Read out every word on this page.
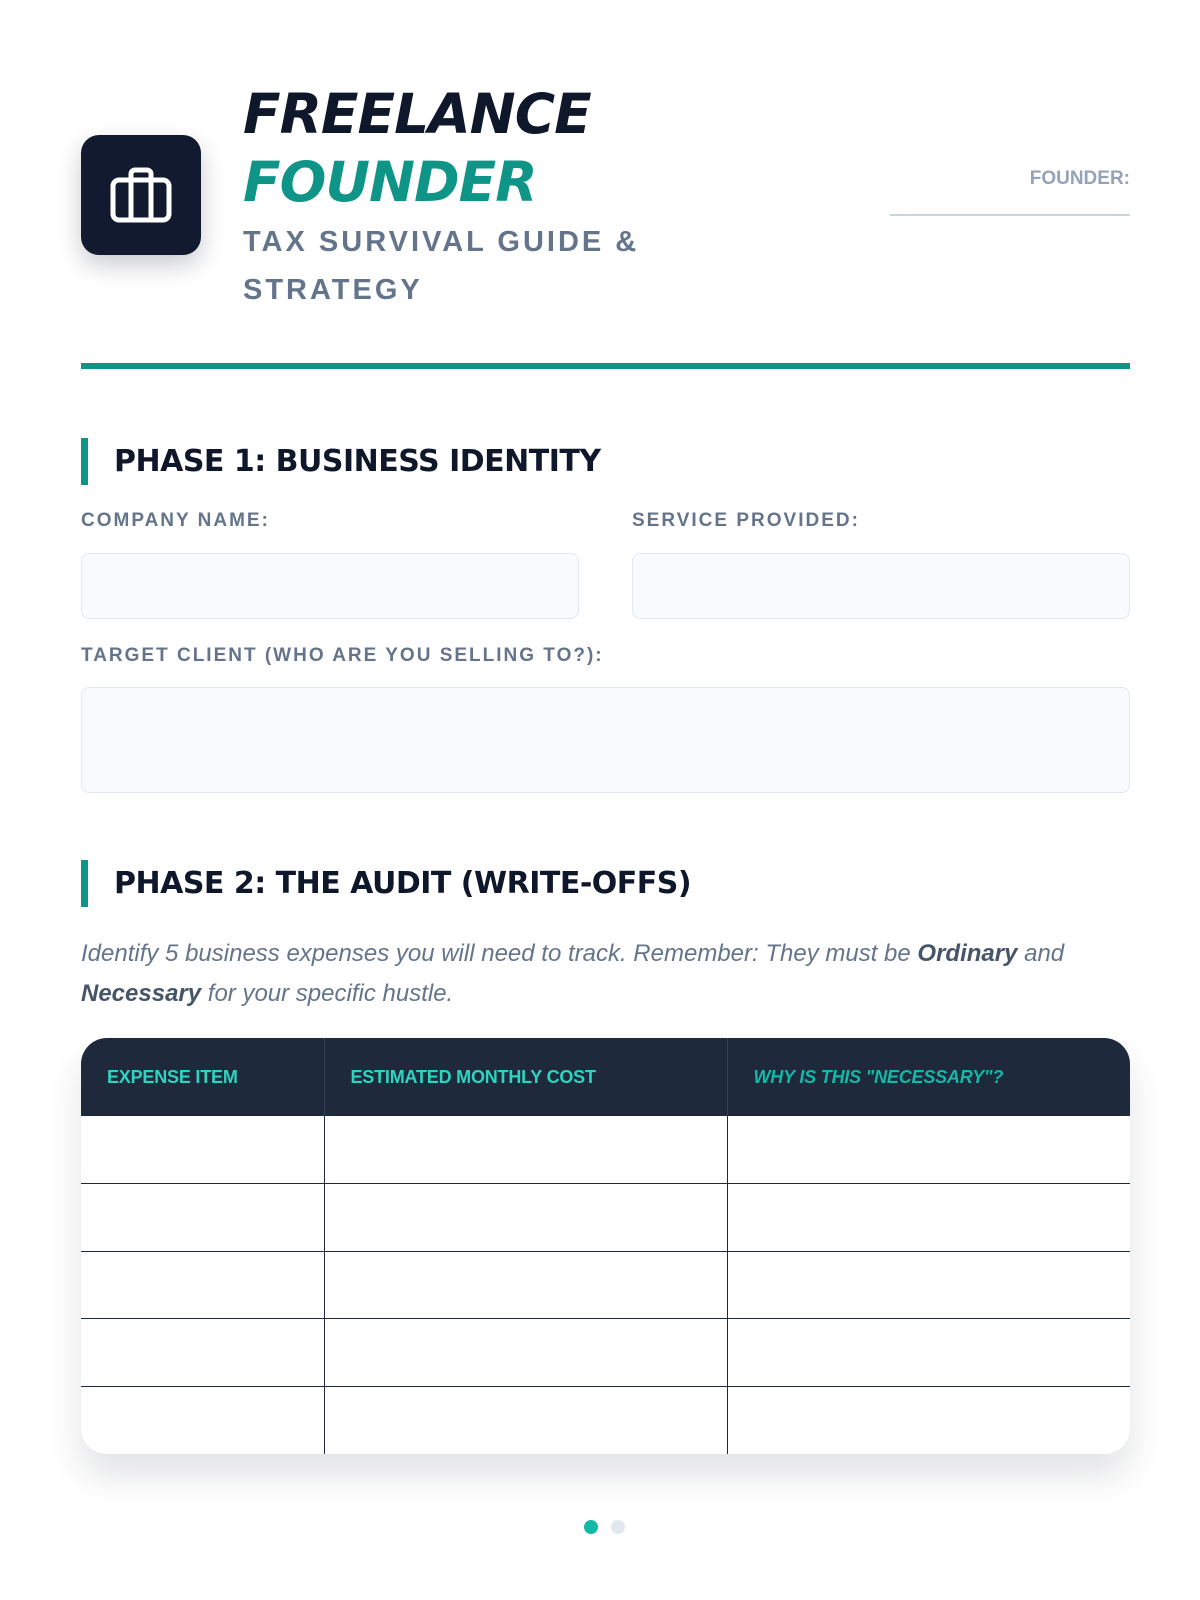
FREELANCE
FOUNDER
TAX SURVIVAL GUIDE & STRATEGY
FOUNDER:
PHASE 1: BUSINESS IDENTITY
COMPANY NAME:	SERVICE PROVIDED:
TARGET CLIENT (WHO ARE YOU SELLING TO?):
PHASE 2: THE AUDIT (WRITE-OFFS)
Identify 5 business expenses you will need to track. Remember: They must be Ordinary and Necessary for your specific hustle.
EXPENSE ITEM	ESTIMATED MONTHLY COST	WHY IS THIS "NECESSARY"?
